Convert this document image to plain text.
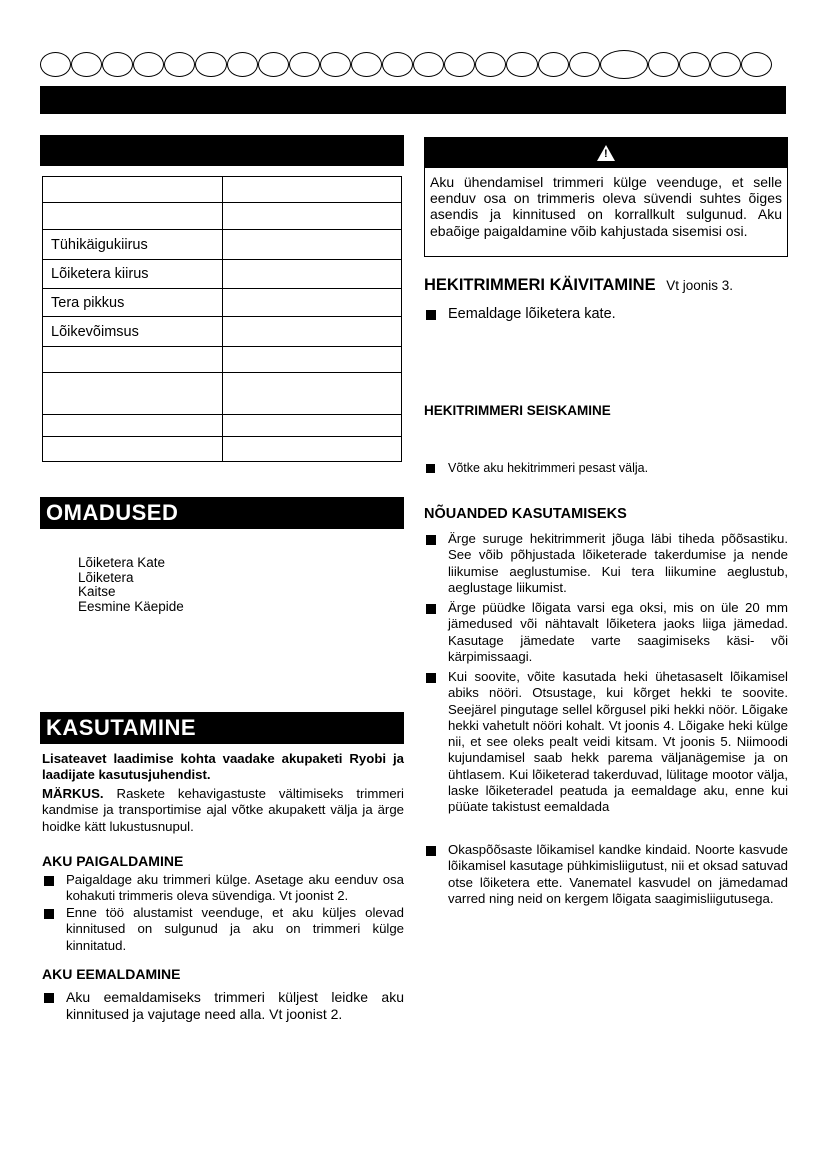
Tühikäigukiirus	
Lõiketera kiirus	
Tera pikkus	
Lõikevõimsus	

OMADUSED
Lõiketera Kate
Lõiketera
Kaitse
Eesmine Käepide
KASUTAMINE
Lisateavet laadimise kohta vaadake akupaketi Ryobi ja laadijate kasutusjuhendist.
MÄRKUS. Raskete kehavigastuste vältimiseks trimmeri kandmise ja transportimise ajal võtke akupakett välja ja ärge hoidke kätt lukustusnupul.
AKU PAIGALDAMINE
Paigaldage aku trimmeri külge. Asetage aku eenduv osa kohakuti trimmeris oleva süvendiga. Vt joonist 2.
Enne töö alustamist veenduge, et aku küljes olevad kinnitused on sulgunud ja aku on trimmeri külge kinnitatud.
AKU EEMALDAMINE
Aku eemaldamiseks trimmeri küljest leidke aku kinnitused ja vajutage need alla. Vt joonist 2.
!
Aku ühendamisel trimmeri külge veenduge, et selle eenduv osa on trimmeris oleva süvendi suhtes õiges asendis ja kinnitused on korrallkult sulgunud. Aku ebaõige paigaldamine võib kahjustada sisemisi osi.
HEKITRIMMERI KÄIVITAMINE Vt joonis 3.
Eemaldage lõiketera kate.
HEKITRIMMERI SEISKAMINE
Võtke aku hekitrimmeri pesast välja.
NÕUANDED KASUTAMISEKS
Ärge suruge hekitrimmerit jõuga läbi tiheda põõsastiku. See võib põhjustada lõiketerade takerdumise ja nende liikumise aeglustumise. Kui tera liikumine aeglustub, aeglustage liikumist.
Ärge püüdke lõigata varsi ega oksi, mis on üle 20 mm jämedused või nähtavalt lõiketera jaoks liiga jämedad. Kasutage jämedate varte saagimiseks käsi- või kärpimissaagi.
Kui soovite, võite kasutada heki ühetasaselt lõikamisel abiks nööri. Otsustage, kui kõrget hekki te soovite. Seejärel pingutage sellel kõrgusel piki hekki nöör. Lõigake hekki vahetult nööri kohalt. Vt joonis 4. Lõigake heki külge nii, et see oleks pealt veidi kitsam. Vt joonis 5. Niimoodi kujundamisel saab hekk parema väljanägemise ja on ühtlasem. Kui lõiketerad takerduvad, lülitage mootor välja, laske lõiketeradel peatuda ja eemaldage aku, enne kui püüate takistust eemaldada
Okaspõõsaste lõikamisel kandke kindaid. Noorte kasvude lõikamisel kasutage pühkimisliigutust, nii et oksad satuvad otse lõiketera ette. Vanematel kasvudel on jämedamad varred ning neid on kergem lõigata saagimisliigutusega.
